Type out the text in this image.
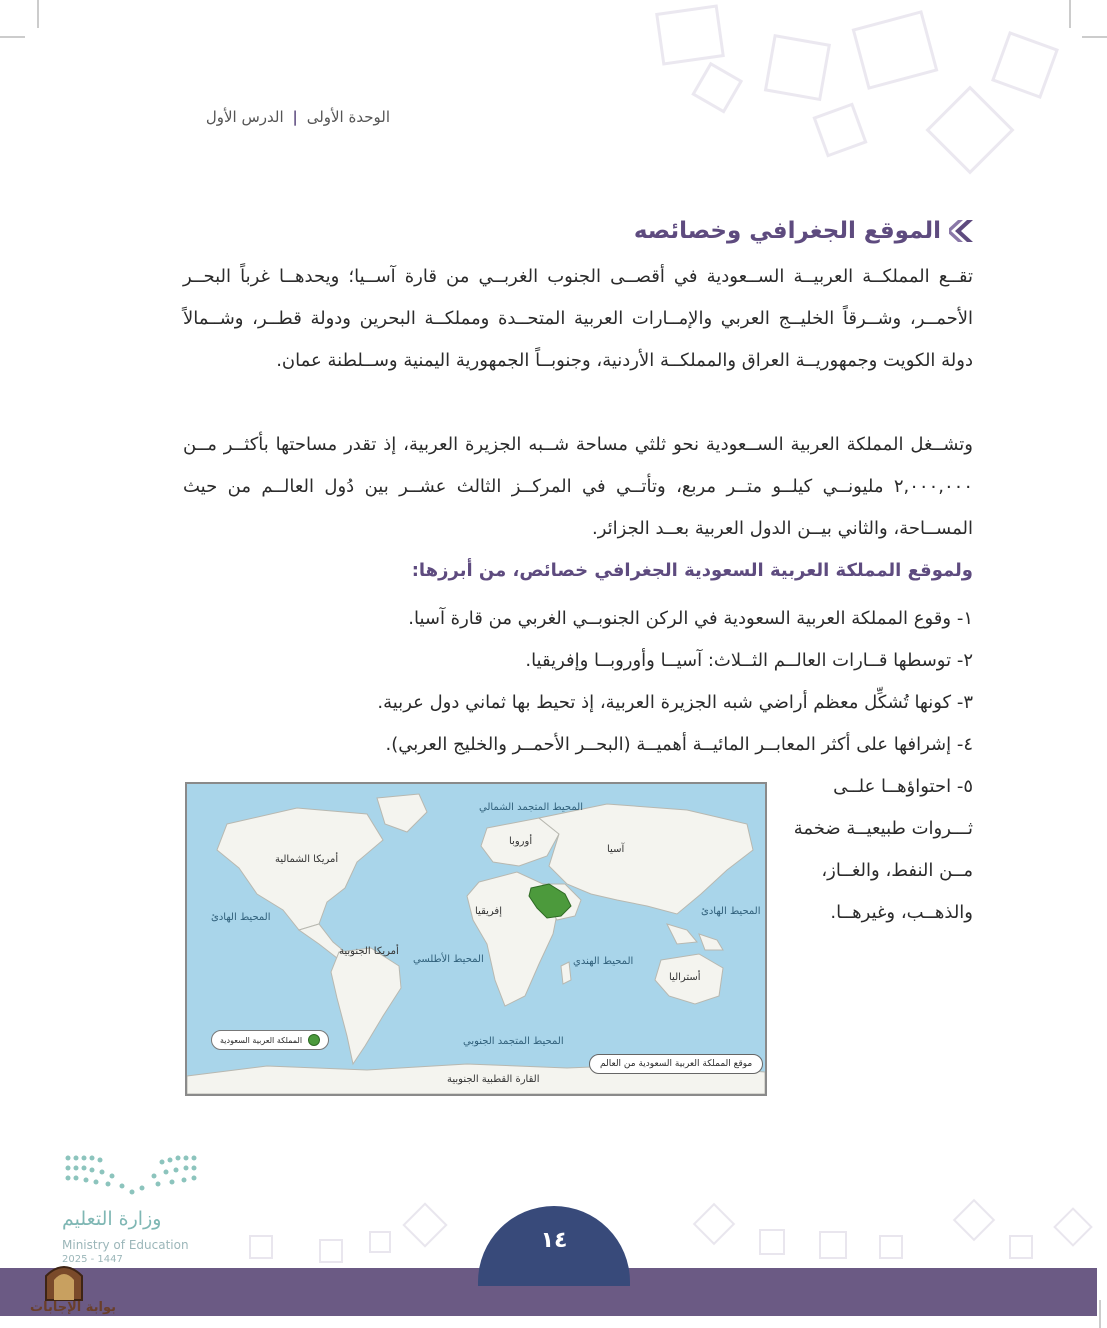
الوحدة الأولى | الدرس الأول
الموقع الجغرافي وخصائصه
تقــع المملكــة العربيــة الســعودية في أقصــى الجنوب الغربــي من قارة آســيا؛ ويحدهــا غرباً البحــر الأحمــر، وشــرقاً الخليــج العربي والإمــارات العربية المتحــدة ومملكــة البحرين ودولة قطــر، وشــمالاً دولة الكويت وجمهوريــة العراق والمملكــة الأردنية، وجنوبــاً الجمهورية اليمنية وســلطنة عمان.
وتشــغل المملكة العربية الســعودية نحو ثلثي مساحة شــبه الجزيرة العربية، إذ تقدر مساحتها بأكثــر مــن ٢,٠٠٠,٠٠٠ مليونــي كيلــو متــر مربع، وتأتــي في المركــز الثالث عشــر بين دُول العالــم من حيث المســاحة، والثاني بيــن الدول العربية بعــد الجزائر.
ولموقع المملكة العربية السعودية الجغرافي خصائص، من أبرزها:
١- وقوع المملكة العربية السعودية في الركن الجنوبــي الغربي من قارة آسيا.
٢- توسطها قــارات العالــم الثــلاث: آسيــا وأوروبــا وإفريقيا.
٣- كونها تُشكِّل معظم أراضي شبه الجزيرة العربية، إذ تحيط بها ثماني دول عربية.
٤- إشرافها على أكثر المعابــر المائيــة أهميــة (البحــر الأحمــر والخليج العربي).
٥- احتواؤهــا علــى ثـــروات طبيعيــة ضخمة مــن النفط، والغــاز، والذهــب، وغيرهــا.
المحيط المتجمد الشمالي
أمريكا الشمالية
أوروبا
آسيا
إفريقيا
المحيط الهادئ
المحيط الهادئ
أمريكا الجنوبية
المحيط الأطلسي	المحيط الهندي
أستراليا
المحيط المتجمد الجنوبي
القارة القطبية الجنوبية
المملكة العربية السعودية
موقع المملكة العربية السعودية من العالم
١٤
وزارة التعليم
Ministry of Education
2025 - 1447
بوابة الإجابات
